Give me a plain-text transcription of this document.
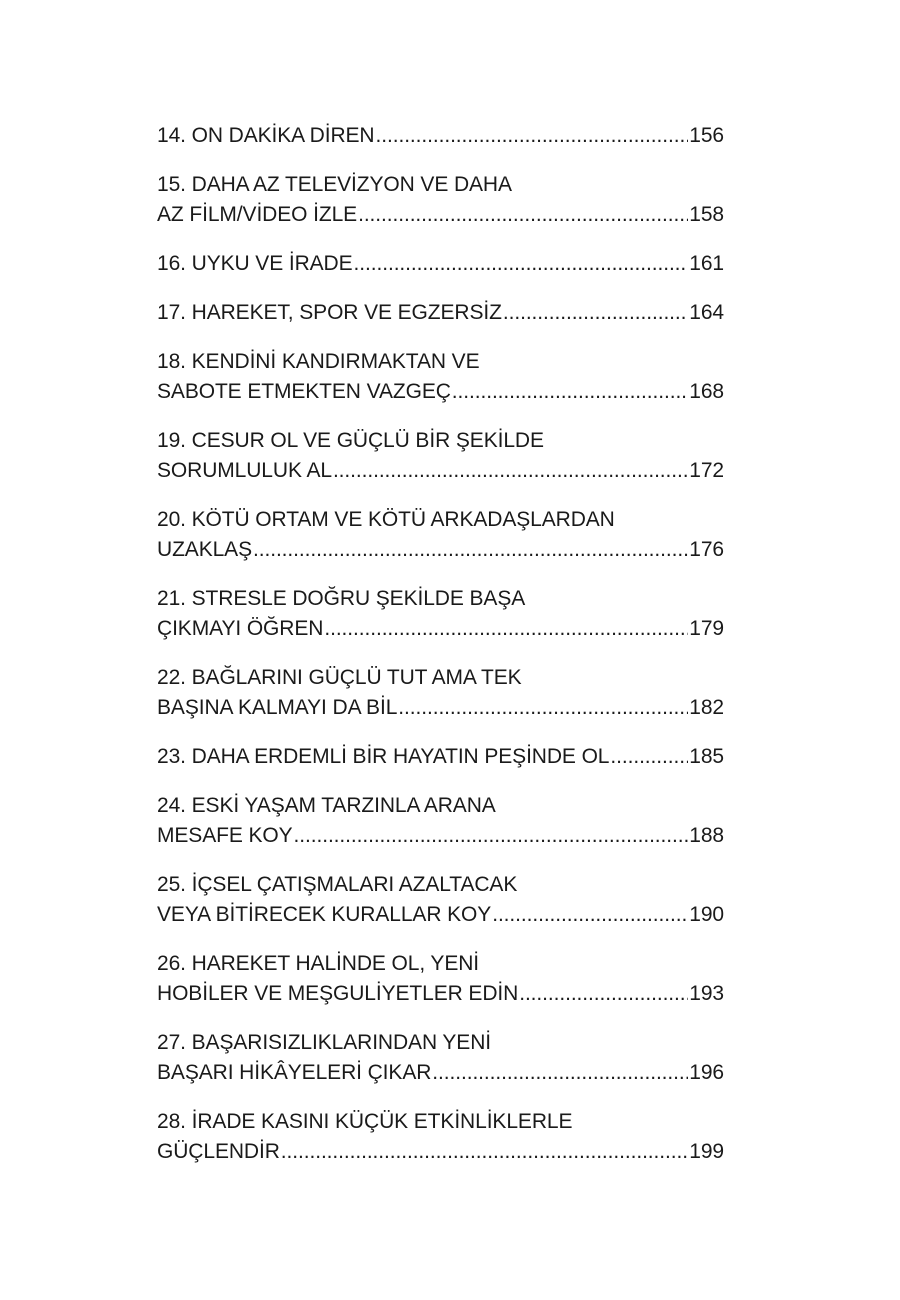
14. ON DAKİKA DİREN .....	156
15. DAHA AZ TELEVİZYON VE DAHA
AZ FİLM/VİDEO İZLE .....	158
16. UYKU VE İRADE .....	161
17. HAREKET, SPOR VE EGZERSİZ .....	164
18. KENDİNİ KANDIRMAKTAN VE
SABOTE ETMEKTEN VAZGEÇ .....	168
19. CESUR OL VE GÜÇLÜ BİR ŞEKİLDE
SORUMLULUK AL .....	172
20. KÖTÜ ORTAM VE KÖTÜ ARKADAŞLARDAN
UZAKLAŞ .....	176
21. STRESLE DOĞRU ŞEKİLDE BAŞA
ÇIKMAYI ÖĞREN .....	179
22. BAĞLARINI GÜÇLÜ TUT AMA TEK
BAŞINA KALMAYI DA BİL .....	182
23. DAHA ERDEMLİ BİR HAYATIN PEŞİNDE OL .....	185
24. ESKİ YAŞAM TARZINLA ARANA
MESAFE KOY .....	188
25. İÇSEL ÇATIŞMALARI AZALTACAK
VEYA BİTİRECEK KURALLAR KOY .....	190
26. HAREKET HALİNDE OL, YENİ
HOBİLER VE MEŞGULİYETLER EDİN .....	193
27. BAŞARISIZLIKLARINDAN YENİ
BAŞARI HİKÂYELERİ ÇIKAR .....	196
28. İRADE KASINI KÜÇÜK ETKİNLİKLERLE
GÜÇLENDİR .....	199
